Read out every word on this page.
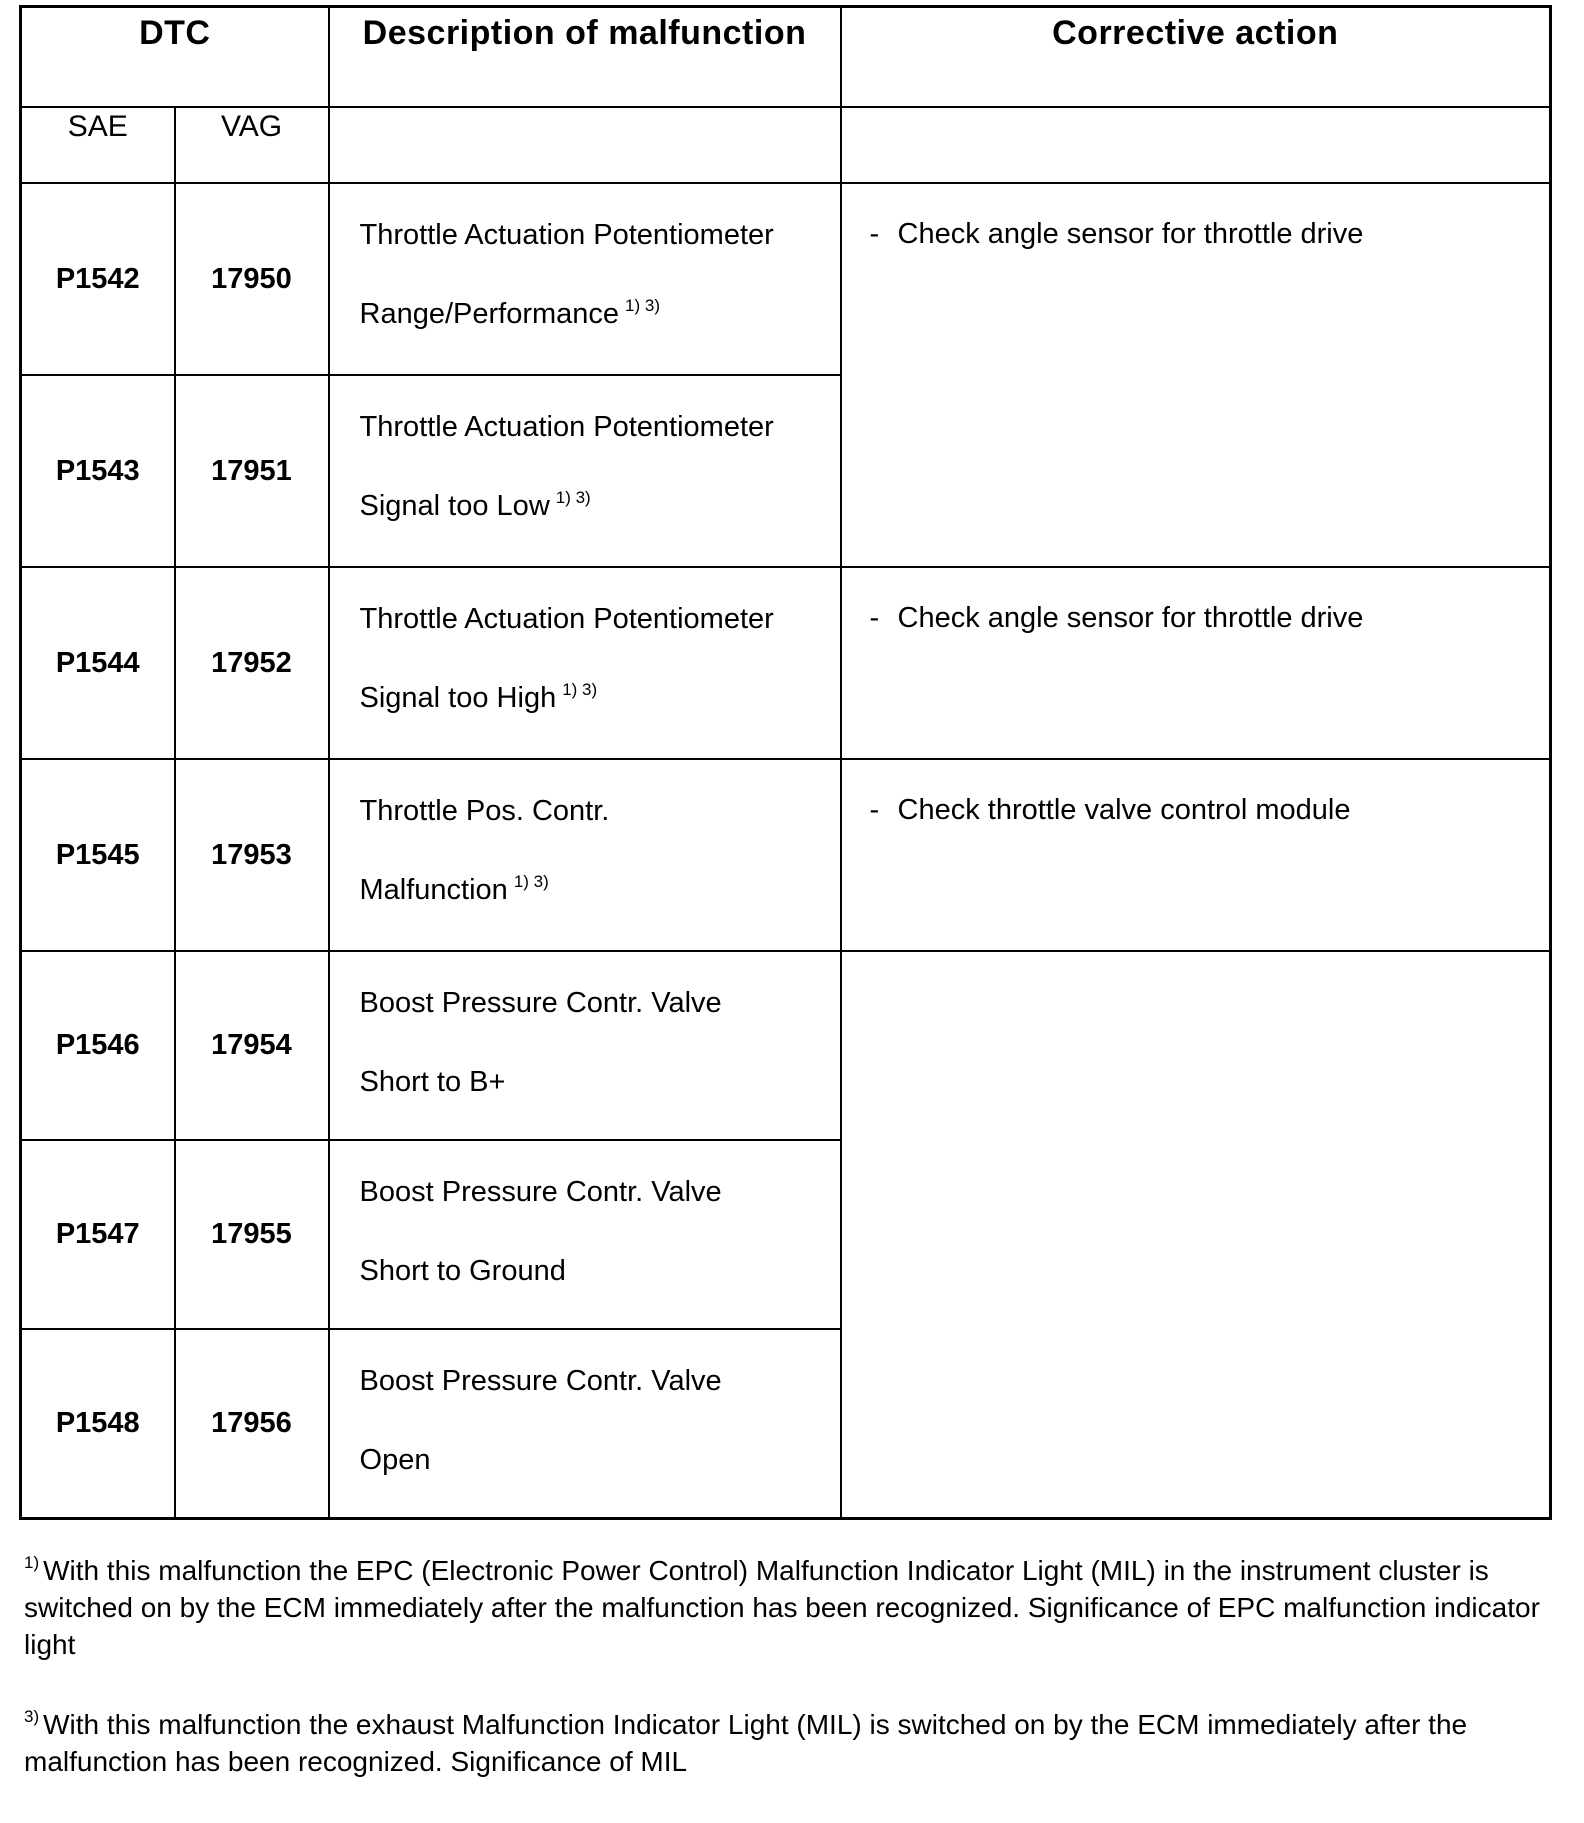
DTC		Description of malfunction	Corrective action
SAE	VAG		
P1542	17950	Throttle Actuation Potentiometer
Range/Performance $^{1) 3)}$	- Check angle sensor for throttle drive
P1543	17951	Throttle Actuation Potentiometer
Signal too Low $^{1) 3)}$

P1544	17952	Throttle Actuation Potentiometer
Signal too High $^{1) 3)}$	- Check angle sensor for throttle drive
P1545	17953	Throttle Pos. Contr.
Malfunction $^{1) 3)}$	- Check throttle valve control module
P1546	17954	Boost Pressure Contr. Valve
Short to B+	

P1547	17955	Boost Pressure Contr. Valve
Short to Ground	

P1548	17956	Boost Pressure Contr. Valve
Open	

$^{1)}$ With this malfunction the EPC (Electronic Power Control) Malfunction Indicator Light (MIL) in the instrument cluster is switched on by the ECM immediately after the malfunction has been recognized. Significance of EPC malfunction indicator light

$^{3)}$ With this malfunction the exhaust Malfunction Indicator Light (MIL) is switched on by the ECM immediately after the malfunction has been recognized. Significance of MIL
